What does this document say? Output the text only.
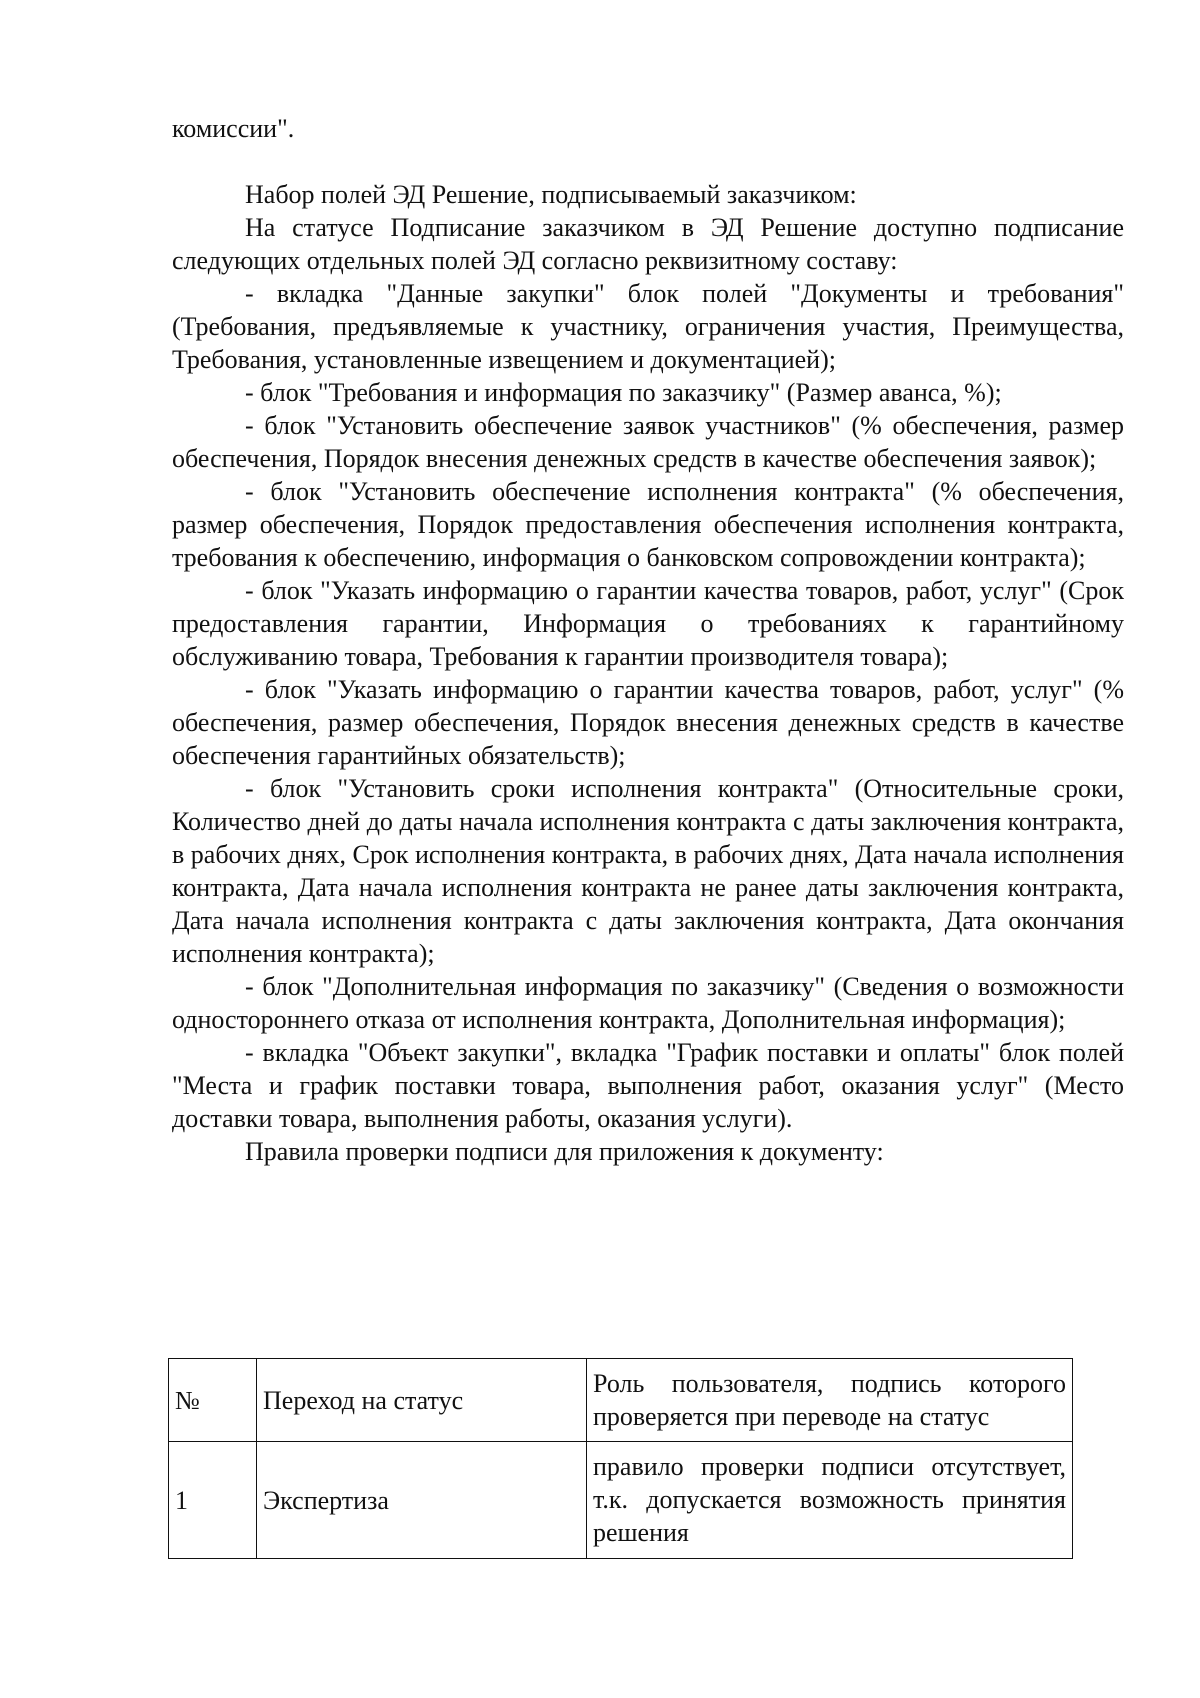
комиссии".

Набор полей ЭД Решение, подписываемый заказчиком:

На статусе Подписание заказчиком в ЭД Решение доступно подписание следующих отдельных полей ЭД согласно реквизитному составу:

- вкладка "Данные закупки" блок полей "Документы и требования" (Требования, предъявляемые к участнику, ограничения участия, Преимущества, Требования, установленные извещением и документацией);

- блок "Требования и информация по заказчику" (Размер аванса, %);

- блок "Установить обеспечение заявок участников" (% обеспечения, размер обеспечения, Порядок внесения денежных средств в качестве обеспечения заявок);

- блок "Установить обеспечение исполнения контракта" (% обеспечения, размер обеспечения, Порядок предоставления обеспечения исполнения контракта, требования к обеспечению, информация о банковском сопровождении контракта);

- блок "Указать информацию о гарантии качества товаров, работ, услуг" (Срок предоставления гарантии, Информация о требованиях к гарантийному обслуживанию товара, Требования к гарантии производителя товара);

- блок "Указать информацию о гарантии качества товаров, работ, услуг" (% обеспечения, размер обеспечения, Порядок внесения денежных средств в качестве обеспечения гарантийных обязательств);

- блок "Установить сроки исполнения контракта" (Относительные сроки, Количество дней до даты начала исполнения контракта с даты заключения контракта, в рабочих днях, Срок исполнения контракта, в рабочих днях, Дата начала исполнения контракта, Дата начала исполнения контракта не ранее даты заключения контракта, Дата начала исполнения контракта с даты заключения контракта, Дата окончания исполнения контракта);

- блок "Дополнительная информация по заказчику" (Сведения о возможности одностороннего отказа от исполнения контракта, Дополнительная информация);

- вкладка "Объект закупки", вкладка "График поставки и оплаты" блок полей "Места и график поставки товара, выполнения работ, оказания услуг" (Место доставки товара, выполнения работы, оказания услуги).

Правила проверки подписи для приложения к документу:

№	Переход на статус	Роль пользователя, подпись которого проверяется при переводе на статус
1	Экспертиза	правило проверки подписи отсутствует, т.к. допускается возможность принятия решения
